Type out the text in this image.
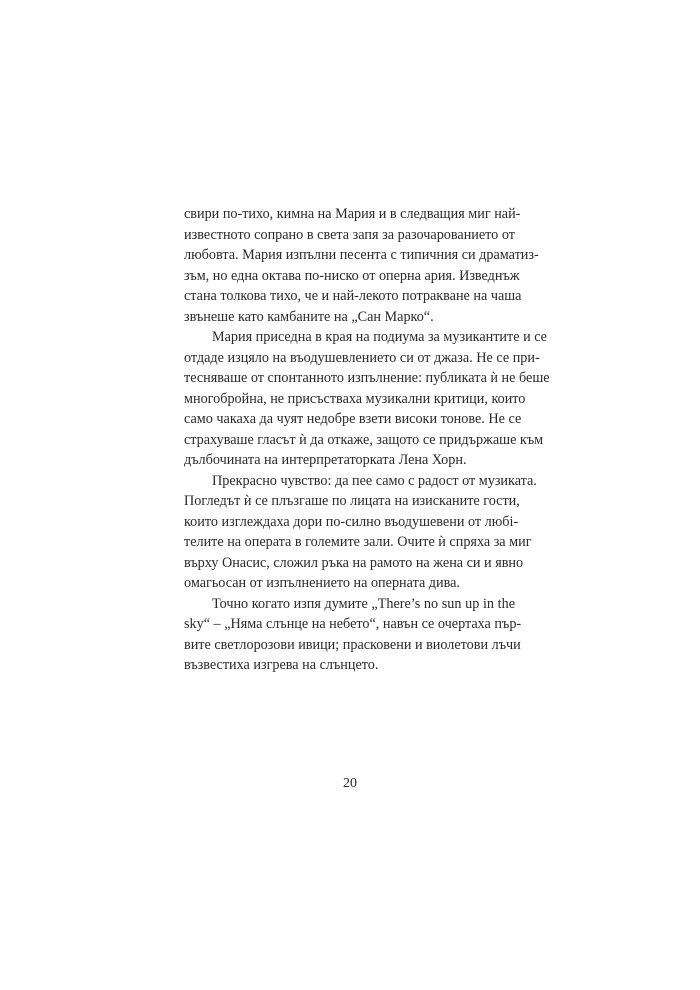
свири по-тихо, кимна на Мария и в следващия миг най-
известното сопрано в света запя за разочарованието от
любовта. Мария изпълни песента с типичния си драматиз-
зъм, но една октава по-ниско от оперна ария. Изведнъж
стана толкова тихо, че и най-лекото потракване на чаша
звънеше като камбаните на „Сан Марко“.
Мария приседна в края на подиума за музикантите и се
отдаде изцяло на въодушевлението си от джаза. Не се при-
тесняваше от спонтанното изпълнение: публиката ѝ не беше
многобройна, не присъстваха музикални критици, които
само чакаха да чуят недобре взети високи тонове. Не се
страхуваше гласът ѝ да откаже, защото се придържаше към
дълбочината на интерпретаторката Лена Хорн.
Прекрасно чувство: да пее само с радост от музиката.
Погледът ѝ се плъзгаше по лицата на изисканите гости,
които изглеждаха дори по-силно въодушевени от любі-
телите на операта в големите зали. Очите ѝ спряха за миг
върху Онасис, сложил ръка на рамото на жена си и явно
омагьосан от изпълнението на оперната дива.
Точно когато изпя думите „There’s no sun up in the
sky“ – „Няма слънце на небето“, навън се очертаха пър-
вите светлорозови ивици; прасковени и виолетови лъчи
възвестиха изгрева на слънцето.
20
